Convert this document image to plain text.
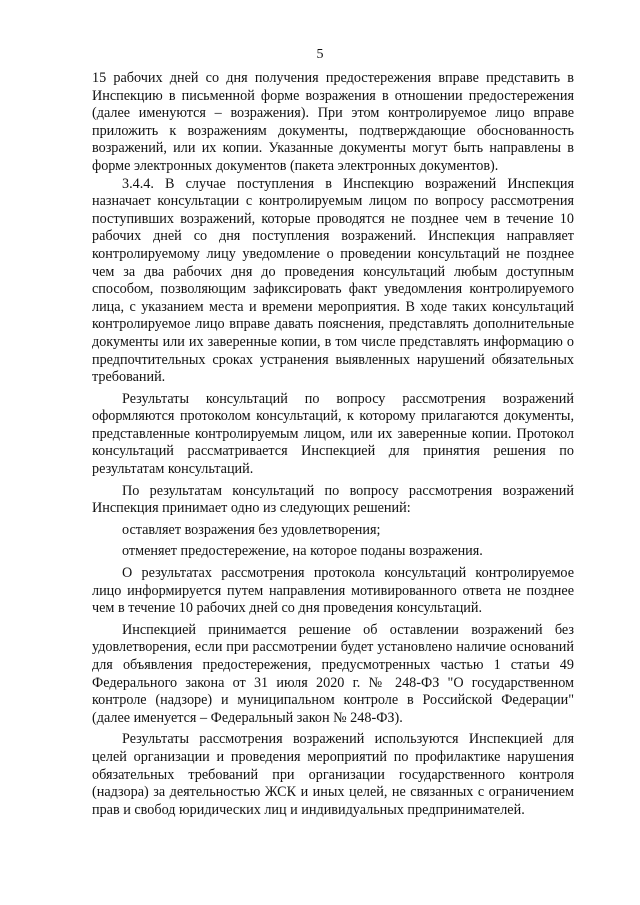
5

15 рабочих дней со дня получения предостережения вправе представить в Инспекцию в письменной форме возражения в отношении предостережения (далее именуются – возражения). При этом контролируемое лицо вправе приложить к возражениям документы, подтверждающие обоснованность возражений, или их копии. Указанные документы могут быть направлены в форме электронных документов (пакета электронных документов).

3.4.4. В случае поступления в Инспекцию возражений Инспекция назначает консультации с контролируемым лицом по вопросу рассмотрения поступивших возражений, которые проводятся не позднее чем в течение 10 рабочих дней со дня поступления возражений. Инспекция направляет контролируемому лицу уведомление о проведении консультаций не позднее чем за два рабочих дня до проведения консультаций любым доступным способом, позволяющим зафиксировать факт уведомления контролируемого лица, с указанием места и времени мероприятия. В ходе таких консультаций контролируемое лицо вправе давать пояснения, представлять дополнительные документы или их заверенные копии, в том числе представлять информацию о предпочтительных сроках устранения выявленных нарушений обязательных требований.

Результаты консультаций по вопросу рассмотрения возражений оформляются протоколом консультаций, к которому прилагаются документы, представленные контролируемым лицом, или их заверенные копии. Протокол консультаций рассматривается Инспекцией для принятия решения по результатам консультаций.

По результатам консультаций по вопросу рассмотрения возражений Инспекция принимает одно из следующих решений:

оставляет возражения без удовлетворения;

отменяет предостережение, на которое поданы возражения.

О результатах рассмотрения протокола консультаций контролируемое лицо информируется путем направления мотивированного ответа не позднее чем в течение 10 рабочих дней со дня проведения консультаций.

Инспекцией принимается решение об оставлении возражений без удовлетворения, если при рассмотрении будет установлено наличие оснований для объявления предостережения, предусмотренных частью 1 статьи 49 Федерального закона от 31 июля 2020 г. № 248-ФЗ "О государственном контроле (надзоре) и муниципальном контроле в Российской Федерации" (далее именуется – Федеральный закон № 248-ФЗ).

Результаты рассмотрения возражений используются Инспекцией для целей организации и проведения мероприятий по профилактике нарушения обязательных требований при организации государственного контроля (надзора) за деятельностью ЖСК и иных целей, не связанных с ограничением прав и свобод юридических лиц и индивидуальных предпринимателей.
